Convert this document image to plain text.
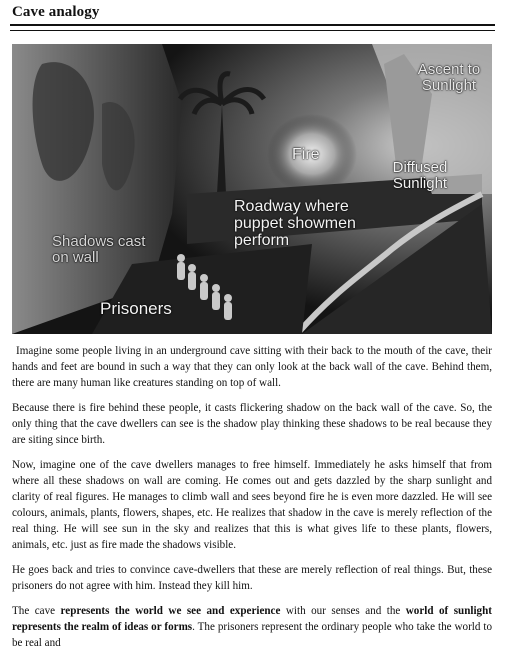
Cave analogy
Ascent to Sunlight
Fire
Diffused Sunlight
Roadway where puppet showmen perform
Shadows cast on wall
Prisoners

Imagine some people living in an underground cave sitting with their back to the mouth of the cave, their hands and feet are bound in such a way that they can only look at the back wall of the cave. Behind them, there are many human like creatures standing on top of wall.

Because there is fire behind these people, it casts flickering shadow on the back wall of the cave. So, the only thing that the cave dwellers can see is the shadow play thinking these shadows to be real because they are siting since birth.

Now, imagine one of the cave dwellers manages to free himself. Immediately he asks himself that from where all these shadows on wall are coming. He comes out and gets dazzled by the sharp sunlight and clarity of real figures. He manages to climb wall and sees beyond fire he is even more dazzled. He will see colours, animals, plants, flowers, shapes, etc. He realizes that shadow in the cave is merely reflection of the real thing. He will see sun in the sky and realizes that this is what gives life to these plants, flowers, animals, etc. just as fire made the shadows visible.

He goes back and tries to convince cave-dwellers that these are merely reflection of real things. But, these prisoners do not agree with him. Instead they kill him.

The cave represents the world we see and experience with our senses and the world of sunlight represents the realm of ideas or forms. The prisoners represent the ordinary people who take the world to be real and
